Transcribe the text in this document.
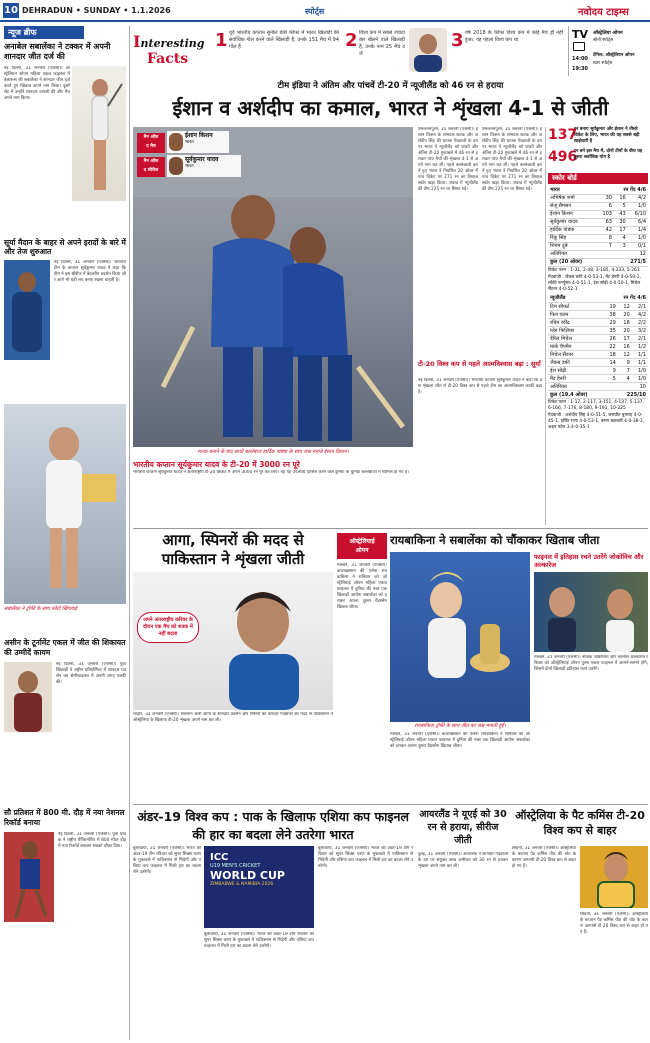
10 DEHRADUN • SUNDAY • 1.1.2026	स्पोर्ट्स	नवोदय टाइम्स
न्यूज ब्रीफ
अनाबेल सबालेंका ने टक्कर में अपनी शानदार जीत दर्ज की
नई दिल्ली, 31 जनवरी (एजेंसी)। ऑस्ट्रेलियन ओपन महिला एकल फाइनल में बेलारूस की सबालेंका ने शानदार जीत दर्ज करते हुए खिताब अपने नाम किया। दूसरे सेट में उन्होंने शानदार वापसी की और मैच अपने नाम किया।
सूर्या मैदान के बाहर से अपने इरादों के बारे में और तेज शुरुआत
नई दिल्ली, 31 जनवरी (एजेंसी)। भारतीय टीम के कप्तान सूर्यकुमार यादव ने कहा कि टीम ने इस सीरीज में बेहतरीन प्रदर्शन किया और आगे भी यही लय बनाए रखना चाहती है।
सबालेंका ने ट्रॉफी के साथ फोटो खिंचवाई
असीन के टूर्नामेंट एकल में जीत की शिकायत की उम्मीदें कायम
नई दिल्ली, 31 जनवरी (एजेंसी)। युवा खिलाड़ी ने राष्ट्रीय प्रतियोगिता में शानदार प्रदर्शन कर सेमीफाइनल में अपनी जगह पक्की की।
सौ प्रतिशत में 800 मी. दौड़ में नया नेशनल रिकॉर्ड बनाया
नई दिल्ली, 31 जनवरी (एजेंसी)। युवा धावक ने राष्ट्रीय चैंपियनशिप में 800 मीटर दौड़ में नया रिकॉर्ड बनाकर सबको चौंका दिया।
Interesting
Facts
1 पूर्व भारतीय कप्तान सुनील छेत्री फीफा में भारत खिलाड़ी की सर्वाधिक गोल करने वाले खिलाड़ी हैं, उनके 151 मैच में 94 गोल हैं	2 विश्व कप में सबसे ज्यादा बार खेलने वाले खिलाड़ी हैं, उनके नाम 25 मैच दर्ज
3 वर्ष 2018 के फीफा विश्व कप में कोई मैच ड्रॉ नहीं हुआ, यह पहला विश्व कप था	TV ऑस्ट्रेलिया ओपन
14:00
सोनी स्पोर्ट्स
टेनिस: ऑस्ट्रेलियन ओपन
19:30
स्टार स्पोर्ट्स
टीम इंडिया ने अंतिम और पांचवें टी-20 में न्यूजीलैंड को 46 रन से हराया
ईशान व अर्शदीप का कमाल, भारत ने शृंखला 4-1 से जीती
मैन ऑफ
द मैच
ईशान किशन
भारत
मैन ऑफ
द सीरीज
सूर्यकुमार यादव
भारत
शतक बनाने के बाद साथी बल्लेबाज हार्दिक पांड्या के साथ जश्न मनाते ईशान किशन।
तिरुवनंतपुरम, 31 जनवरी (एजेंसी)। ईशान किशन के शानदार शतक और अर्शदीप सिंह की घातक गेंदबाजी के दम पर भारत ने न्यूजीलैंड को पांचवें और अंतिम टी-20 मुकाबले में 46 रन से हराकर पांच मैचों की शृंखला 4-1 से अपने नाम कर ली। पहले बल्लेबाजी करते हुए भारत ने निर्धारित 20 ओवर में पांच विकेट पर 271 रन का विशाल स्कोर खड़ा किया। जवाब में न्यूजीलैंड की टीम 225 रन पर सिमट गई।
तिरुवनंतपुरम, 31 जनवरी (एजेंसी)। ईशान किशन के शानदार शतक और अर्शदीप सिंह की घातक गेंदबाजी के दम पर भारत ने न्यूजीलैंड को पांचवें और अंतिम टी-20 मुकाबले में 46 रन से हराकर पांच मैचों की शृंखला 4-1 से अपने नाम कर ली। पहले बल्लेबाजी करते हुए भारत ने निर्धारित 20 ओवर में पांच विकेट पर 271 रन का विशाल स्कोर खड़ा किया। जवाब में न्यूजीलैंड की टीम 225 रन पर सिमट गई।
भारतीय कप्तान सूर्यकुमार यादव के टी-20 में 3000 रन पूरे
भारतीय कप्तान सूर्यकुमार यादव ने अंतरराष्ट्रीय टी-20 क्रिकेट में अपने 3000 रन पूरे कर लिए। वह यह उपलब्धि हासिल करने वाले दुनिया के चुनिंदा बल्लेबाजों में शामिल हो गए हैं।
137
रन बनाए सूर्यकुमार और ईशान ने तीसरे विकेट के लिए, भारत की यह सबसे बड़ी साझेदारी है
496
रन बने इस मैच में, दोनों टीमों के बीच यह दूसरा सर्वाधिक योग है
स्कोर बोर्ड
भारत	रन गेंद 4/6		
अभिषेक शर्मा	30	16	4/2
संजू सैमसन	6	5	1/0
ईशान किशन	103	43	6/10
सूर्यकुमार यादव	63	30	6/4
हार्दिक पांड्या	42	17	1/4
रिंकू सिंह	8	4	1/0
शिवम दुबे	7	3	0/1
अतिरिक्त	12		
कुल (20 ओवर)	271/5		
विकेट पतन : 1-31, 2-48, 3-185, 4-233, 5-261
गेंदबाजी : जैकब डफी 4-0-53-1, मैट हेनरी 4-0-59-1, लॉकी फर्ग्यूसन 4-0-51-1, ईश सोढ़ी 4-0-50-1, मिचेल सैंटनर 4-0-52-1
न्यूजीलैंड	रन गेंद 4/6		
टिम सीफर्ट	19	12	2/1
फिन एलन	38	20	4/2
रचिन रवींद्र	29	18	2/2
ग्लेन फिलिप्स	35	20	3/2
डेरिल मिचेल	26	17	2/1
मार्क चैपमैन	22	16	1/2
मिचेल सैंटनर	18	12	1/1
जैकब डफी	14	9	1/1
ईश सोढ़ी	9	7	1/0
मैट हेनरी	5	4	1/0
अतिरिक्त	10		
कुल (19.4 ओवर)	225/10		
विकेट पतन : 1-17, 2-117, 3-151, 4-137, 5-137, 6-166, 7-176, 8-180, 9-191, 10-225
गेंदबाजी : अर्शदीप सिंह 4-0-51-5, जसप्रीत बुमराह 4-0-45-1, हर्षित राणा 4-0-53-1, वरुण चक्रवर्ती 4-0-38-2, अक्षर पटेल 3.4-0-35-1
टी-20 विश्व कप से पहले आत्मविश्वास बढ़ा : सूर्या
नई दिल्ली, 31 जनवरी (एजेंसी)। भारतीय कप्तान सूर्यकुमार यादव ने कहा कि इस शृंखला जीत से टी-20 विश्व कप से पहले टीम का आत्मविश्वास काफी बढ़ा है।
आगा, स्पिनरों की मदद से पाकिस्तान ने शृंखला जीती
अपने अंतरराष्ट्रीय करियर के दौरान एक मैच को शतक में नहीं बदला
लाहौर, 31 जनवरी (एजेंसी)। सलमान अली आगा के शानदार प्रदर्शन और स्पिनरों की धारदार गेंदबाजी की मदद से पाकिस्तान ने ऑस्ट्रेलिया के खिलाफ टी-20 शृंखला अपने नाम कर ली।
ऑस्ट्रेलियाई
ओपन
रायबाकिना ने सबालेंका को चौंकाकर खिताब जीता
मेलबर्न, 31 जनवरी (एजेंसी)। कजाखस्तान की एलेना रायबाकिना ने शनिवार को ऑस्ट्रेलियाई ओपन महिला एकल फाइनल में दुनिया की नंबर एक खिलाड़ी आर्यना सबालेंका को हराकर अपना दूसरा ग्रैंडस्लैम खिताब जीता।
रायबाकिना ट्रॉफी के साथ जीत का जश्न मनाती हुईं।
मेलबर्न, 31 जनवरी (एजेंसी)। कजाखस्तान की एलेना रायबाकिना ने शनिवार को ऑस्ट्रेलियाई ओपन महिला एकल फाइनल में दुनिया की नंबर एक खिलाड़ी आर्यना सबालेंका को हराकर अपना दूसरा ग्रैंडस्लैम खिताब जीता।
फाइनल में इतिहास रचने उतरेंगे जोकोविच और अल्कारेज
मेलबर्न, 31 जनवरी (एजेंसी)। नोवाक जोकोविच और कार्लोस अल्कारेज रविवार को ऑस्ट्रेलियाई ओपन पुरुष एकल फाइनल में आमने-सामने होंगे, जिसमें दोनों खिलाड़ी इतिहास रचने उतरेंगे।
अंडर-19 विश्व कप : पाक के खिलाफ एशिया कप फाइनल की हार का बदला लेने उतरेगा भारत
बुलावायो, 31 जनवरी (एजेंसी)। भारत की अंडर-19 टीम रविवार को सुपर सिक्स चरण के मुकाबले में पाकिस्तान से भिड़ेगी और एशिया कप फाइनल में मिली हार का बदला लेने उतरेगी।
ICC
U19 MEN'S CRICKET
WORLD CUP
ZIMBABWE & NAMIBIA 2026
बुलावायो, 31 जनवरी (एजेंसी)। भारत की अंडर-19 टीम रविवार को सुपर सिक्स चरण के मुकाबले में पाकिस्तान से भिड़ेगी और एशिया कप फाइनल में मिली हार का बदला लेने उतरेगी।
बुलावायो, 31 जनवरी (एजेंसी)। भारत की अंडर-19 टीम रविवार को सुपर सिक्स चरण के मुकाबले में पाकिस्तान से भिड़ेगी और एशिया कप फाइनल में मिली हार का बदला लेने उतरेगी।
आयरलैंड ने यूएई को 30 रन से हराया, सीरीज जीती
दुबई, 31 जनवरी (एजेंसी)। आयरलैंड ने शानदार गेंदबाजी के दम पर संयुक्त अरब अमीरात को 30 रन से हराकर शृंखला अपने नाम कर ली।
ऑस्ट्रेलिया के पैट कमिंस टी-20 विश्व कप से बाहर
सिडनी, 31 जनवरी (एजेंसी)। ऑस्ट्रेलिया के कप्तान पैट कमिंस पीठ की चोट के कारण आगामी टी-20 विश्व कप से बाहर हो गए हैं।
सिडनी, 31 जनवरी (एजेंसी)। ऑस्ट्रेलिया के कप्तान पैट कमिंस पीठ की चोट के कारण आगामी टी-20 विश्व कप से बाहर हो गए हैं।
